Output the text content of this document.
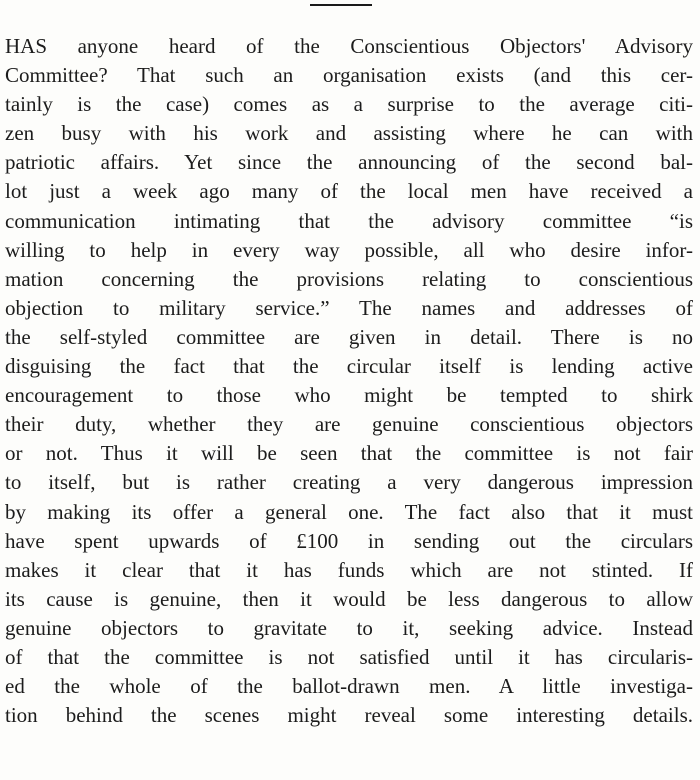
HAS anyone heard of the Conscientious Objectors' Advisory
Committee? That such an organisation exists (and this cer-
tainly is the case) comes as a surprise to the average citi-
zen busy with his work and assisting where he can with
patriotic affairs. Yet since the announcing of the second bal-
lot just a week ago many of the local men have received a
communication intimating that the advisory committee “is
willing to help in every way possible, all who desire infor-
mation concerning the provisions relating to conscientious
objection to military service.” The names and addresses of
the self-styled committee are given in detail. There is no
disguising the fact that the circular itself is lending active
encouragement to those who might be tempted to shirk
their duty, whether they are genuine conscientious objectors
or not. Thus it will be seen that the committee is not fair
to itself, but is rather creating a very dangerous impression
by making its offer a general one. The fact also that it must
have spent upwards of £100 in sending out the circulars
makes it clear that it has funds which are not stinted. If
its cause is genuine, then it would be less dangerous to allow
genuine objectors to gravitate to it, seeking advice. Instead
of that the committee is not satisfied until it has circularis-
ed the whole of the ballot-drawn men. A little investiga-
tion behind the scenes might reveal some interesting details.
